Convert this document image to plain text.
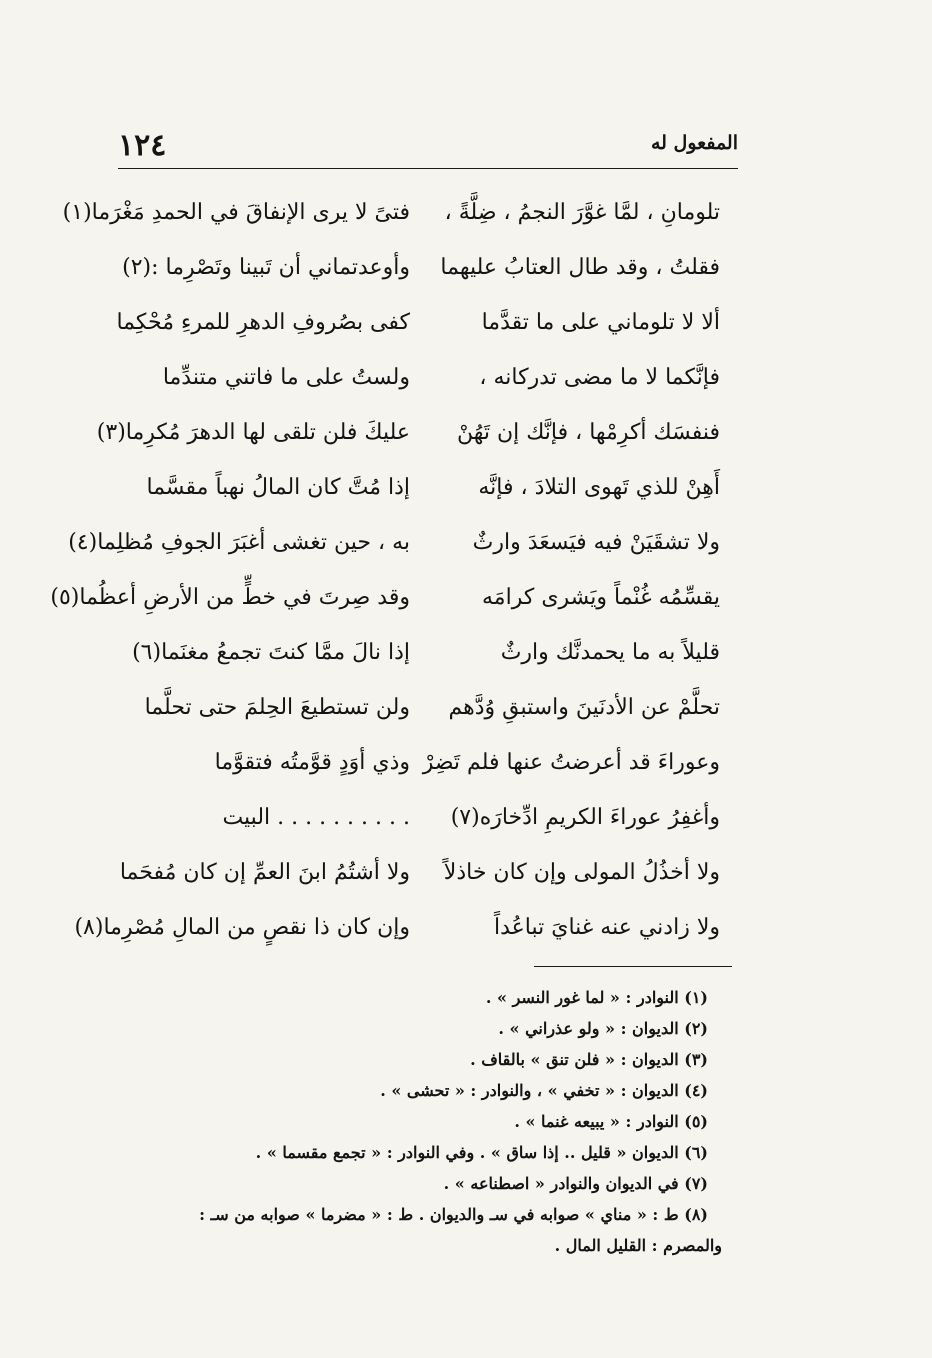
١٢٤	المفعول له
تلومانِ ، لمَّا غوَّرَ النجمُ ، ضِلَّةً ،
فتىً لا يرى الإنفاقَ في الحمدِ مَغْرَما(١)
فقلتُ ، وقد طال العتابُ عليهما
وأوعدتماني أن تَبينا وتَصْرِما :(٢)
ألا لا تلوماني على ما تقدَّما
كفى بصُروفِ الدهرِ للمرءِ مُحْكِما
فإنَّكما لا ما مضى تدركانه ،
ولستُ على ما فاتني متندِّما
فنفسَك أكرِمْها ، فإنَّك إن تَهُنْ
عليكَ فلن تلقى لها الدهرَ مُكرِما(٣)
أَهِنْ للذي تَهوى التلادَ ، فإنَّه
إذا مُتَّ كان المالُ نهباً مقسَّما
ولا تشقَيَنْ فيه فيَسعَدَ وارثٌ
به ، حين تغشى أغبَرَ الجوفِ مُظلِما(٤)
يقسِّمُه غُنْماً ويَشرى كرامَه
وقد صِرتَ في خطٍّ من الأرضِ أعظُما(٥)
قليلاً به ما يحمدنَّك وارثٌ
إذا نالَ ممَّا كنتَ تجمعُ مغنَما(٦)
تحلَّمْ عن الأدنَينَ واستبقِ وُدَّهم
ولن تستطيعَ الحِلمَ حتى تحلَّما
وعوراءَ قد أعرضتُ عنها فلم تَضِرْ
وذي أوَدٍ قوَّمتُه فتقوَّما
وأغفِرُ عوراءَ الكريمِ ادِّخارَه(٧)
. . . . . . . . . . البيت
ولا أخذُلُ المولى وإن كان خاذلاً
ولا أشتُمُ ابنَ العمِّ إن كان مُفحَما
ولا زادني عنه غنايَ تباعُداً
وإن كان ذا نقصٍ من المالِ مُصْرِما(٨)
(١) النوادر : « لما غور النسر » .
(٢) الديوان : « ولو عذراني » .
(٣) الديوان : « فلن تنق » بالقاف .
(٤) الديوان : « تخفي » ، والنوادر : « تحشى » .
(٥) النوادر : « يبيعه غنما » .
(٦) الديوان « قليل .. إذا ساق » . وفي النوادر : « تجمع مقسما » .
(٧) في الديوان والنوادر « اصطناعه » .
(٨) ط : « مناي » صوابه في سـ والديوان . ط : « مضرما » صوابه من سـ :
والمصرم : القليل المال .
